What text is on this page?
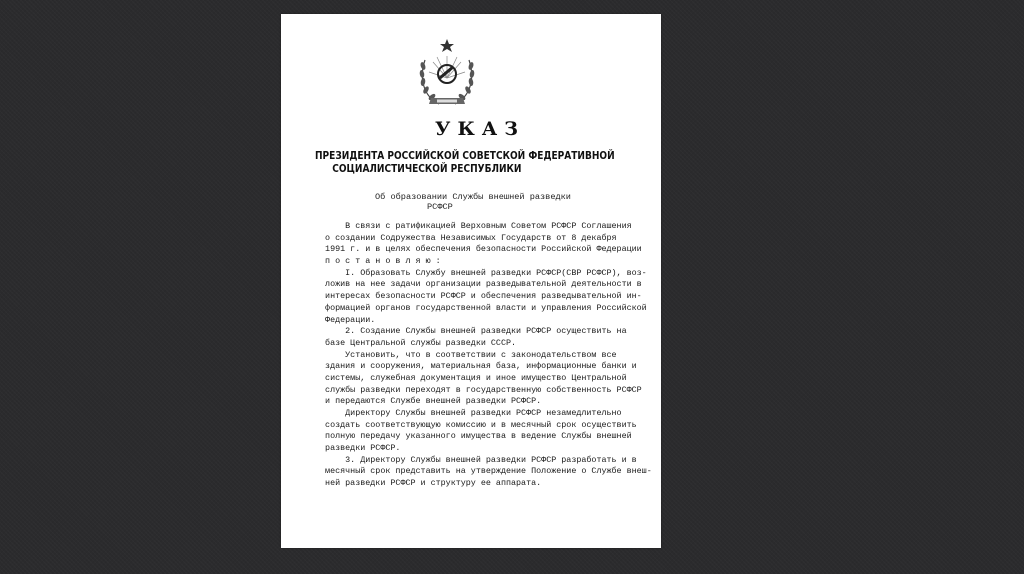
УКАЗ
ПРЕЗИДЕНТА РОССИЙСКОЙ СОВЕТСКОЙ ФЕДЕРАТИВНОЙ
СОЦИАЛИСТИЧЕСКОЙ РЕСПУБЛИКИ
Об образовании Службы внешней разведки
РСФСР
В связи с ратификацией Верховным Советом РСФСР Соглашения
о создании Содружества Независимых Государств от 8 декабря
1991 г. и в целях обеспечения безопасности Российской Федерации
п о с т а н о в л я ю :
I. Образовать Службу внешней разведки РСФСР(СВР РСФСР), воз-
ложив на нее задачи организации разведывательной деятельности в
интересах безопасности РСФСР и обеспечения разведывательной ин-
формацией органов государственной власти и управления Российской
Федерации.
2. Создание Службы внешней разведки РСФСР осуществить на
базе Центральной службы разведки СССР.
Установить, что в соответствии с законодательством все
здания и сооружения, материальная база, информационные банки и
системы, служебная документация и иное имущество Центральной
службы разведки переходят в государственную собственность РСФСР
и передаются Службе внешней разведки РСФСР.
Директору Службы внешней разведки РСФСР незамедлительно
создать соответствующую комиссию и в месячный срок осуществить
полную передачу указанного имущества в ведение Службы внешней
разведки РСФСР.
3. Директору Службы внешней разведки РСФСР разработать и в
месячный срок представить на утверждение Положение о Службе внеш-
ней разведки РСФСР и структуру ее аппарата.
